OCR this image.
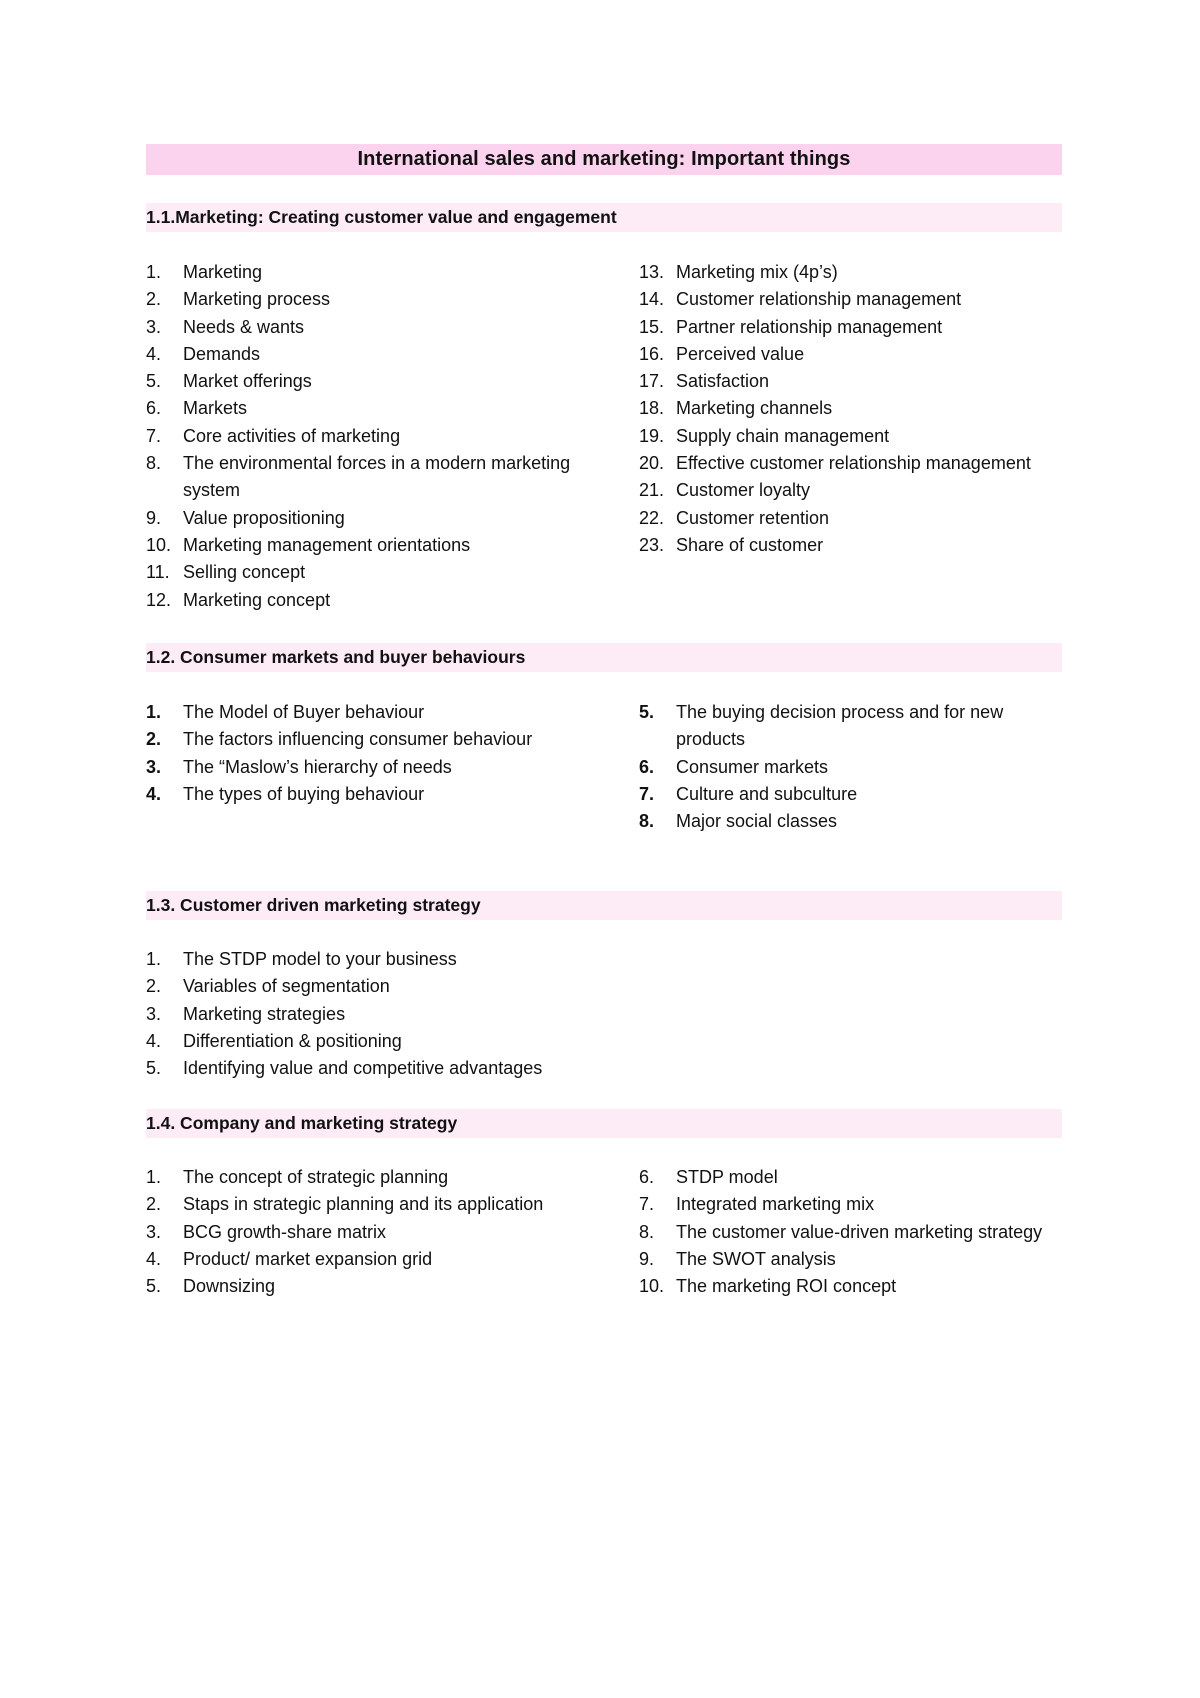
International sales and marketing: Important things
1.1.Marketing: Creating customer value and engagement
1. Marketing
2. Marketing process
3. Needs & wants
4. Demands
5. Market offerings
6. Markets
7. Core activities of marketing
8. The environmental forces in a modern marketing system
9. Value propositioning
10. Marketing management orientations
11. Selling concept
12. Marketing concept
13. Marketing mix (4p’s)
14. Customer relationship management
15. Partner relationship management
16. Perceived value
17. Satisfaction
18. Marketing channels
19. Supply chain management
20. Effective customer relationship management
21. Customer loyalty
22. Customer retention
23. Share of customer
1.2. Consumer markets and buyer behaviours
1. The Model of Buyer behaviour
2. The factors influencing consumer behaviour
3. The “Maslow’s hierarchy of needs
4. The types of buying behaviour
5. The buying decision process and for new products
6. Consumer markets
7. Culture and subculture
8. Major social classes
1.3. Customer driven marketing strategy
1. The STDP model to your business
2. Variables of segmentation
3. Marketing strategies
4. Differentiation & positioning
5. Identifying value and competitive advantages
1.4. Company and marketing strategy
1. The concept of strategic planning
2. Staps in strategic planning and its application
3. BCG growth-share matrix
4. Product/ market expansion grid
5. Downsizing
6. STDP model
7. Integrated marketing mix
8. The customer value-driven marketing strategy
9. The SWOT analysis
10. The marketing ROI concept
